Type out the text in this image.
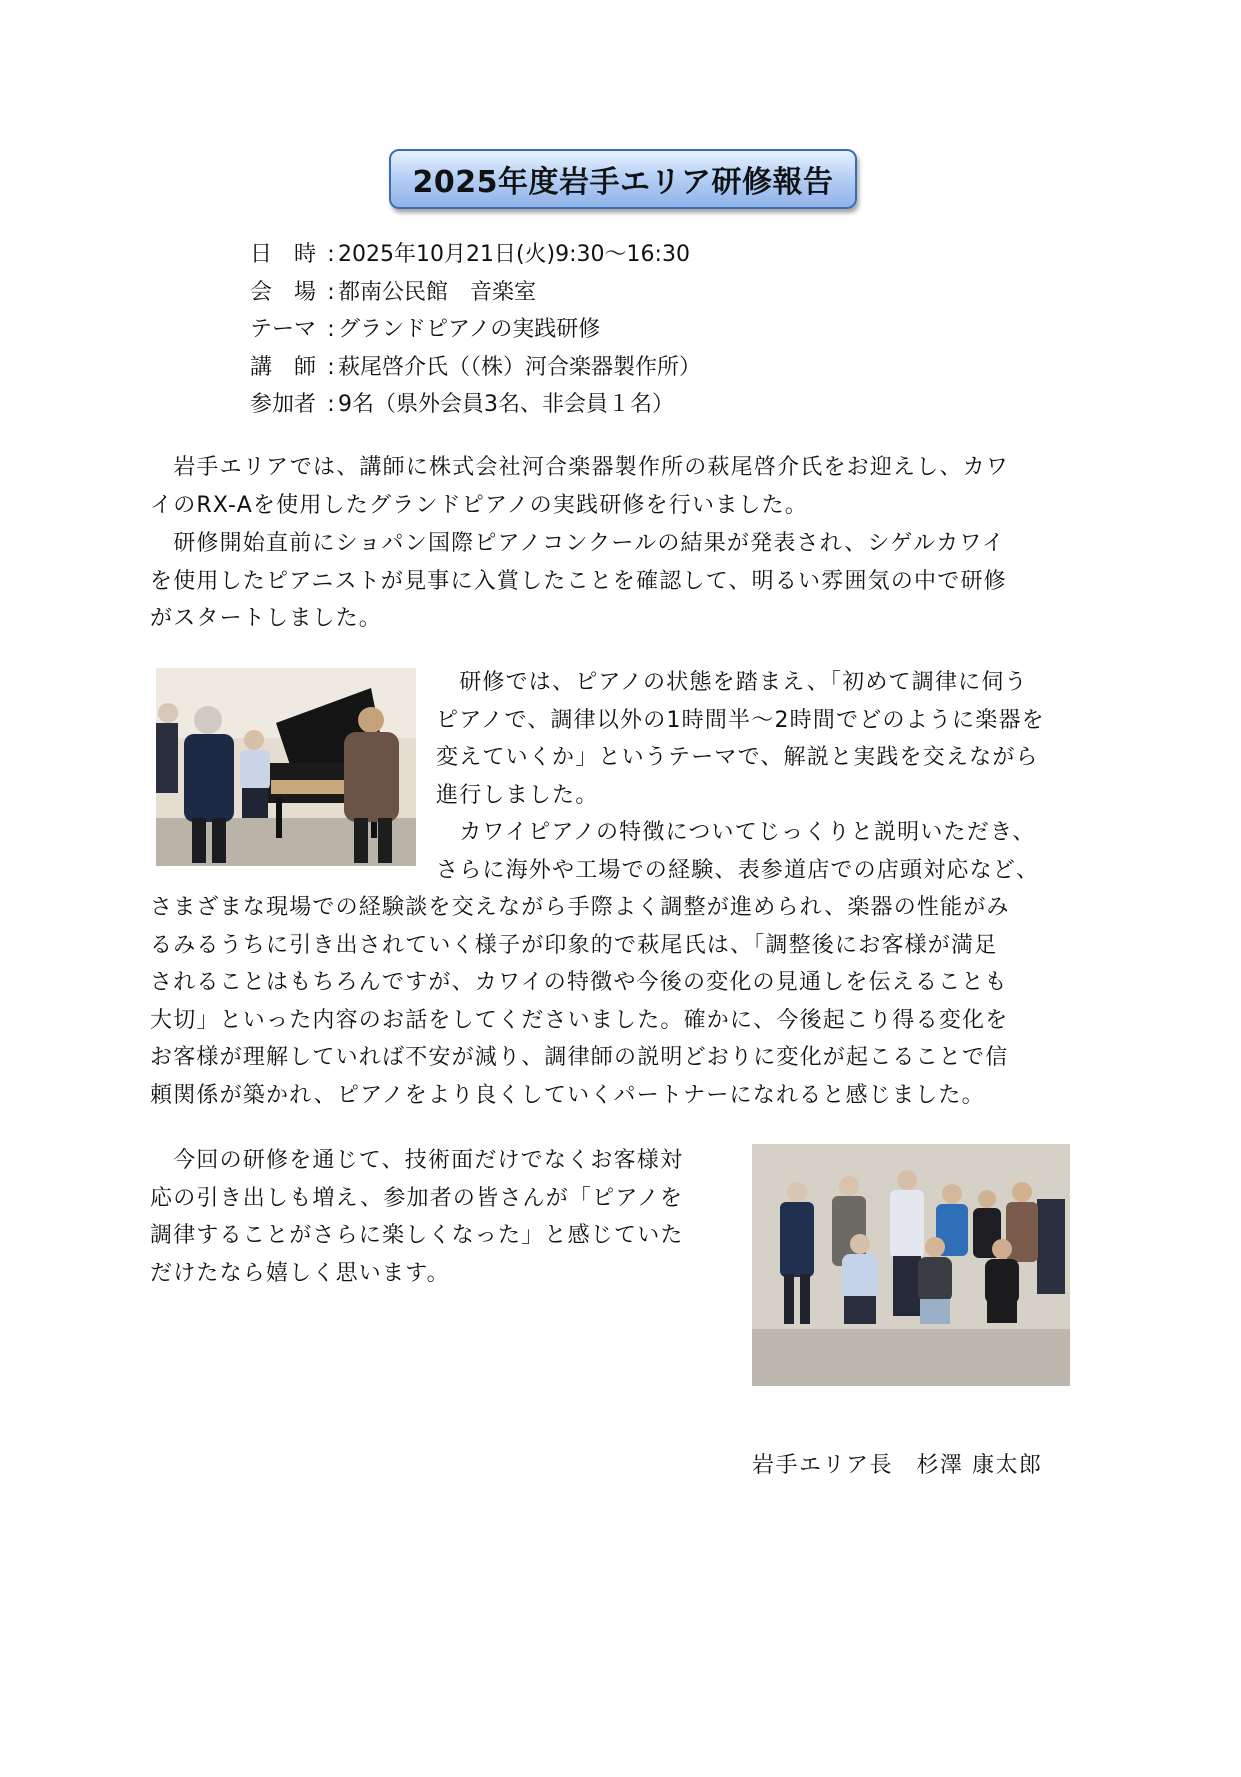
2025年度岩手エリア研修報告
日　時 : 2025年10月21日(火)9:30～16:30
会　場 : 都南公民館　音楽室
テーマ : グランドピアノの実践研修
講　師 : 萩尾啓介氏（（株）河合楽器製作所）
参加者 : 9名（県外会員3名、非会員１名）
　岩手エリアでは、講師に株式会社河合楽器製作所の萩尾啓介氏をお迎えし、カワ
イのRX-Aを使用したグランドピアノの実践研修を行いました。
　研修開始直前にショパン国際ピアノコンクールの結果が発表され、シゲルカワイ
を使用したピアニストが見事に入賞したことを確認して、明るい雰囲気の中で研修
がスタートしました。
　研修では、ピアノの状態を踏まえ、「初めて調律に伺う
ピアノで、調律以外の1時間半～2時間でどのように楽器を
変えていくか」というテーマで、解説と実践を交えながら
進行しました。
　カワイピアノの特徴についてじっくりと説明いただき、
さらに海外や工場での経験、表参道店での店頭対応など、
さまざまな現場での経験談を交えながら手際よく調整が進められ、楽器の性能がみ
るみるうちに引き出されていく様子が印象的で萩尾氏は、「調整後にお客様が満足
されることはもちろんですが、カワイの特徴や今後の変化の見通しを伝えることも
大切」といった内容のお話をしてくださいました。確かに、今後起こり得る変化を
お客様が理解していれば不安が減り、調律師の説明どおりに変化が起こることで信
頼関係が築かれ、ピアノをより良くしていくパートナーになれると感じました。
　今回の研修を通じて、技術面だけでなくお客様対
応の引き出しも増え、参加者の皆さんが「ピアノを
調律することがさらに楽しくなった」と感じていた
だけたなら嬉しく思います。
岩手エリア長　杉澤 康太郎
